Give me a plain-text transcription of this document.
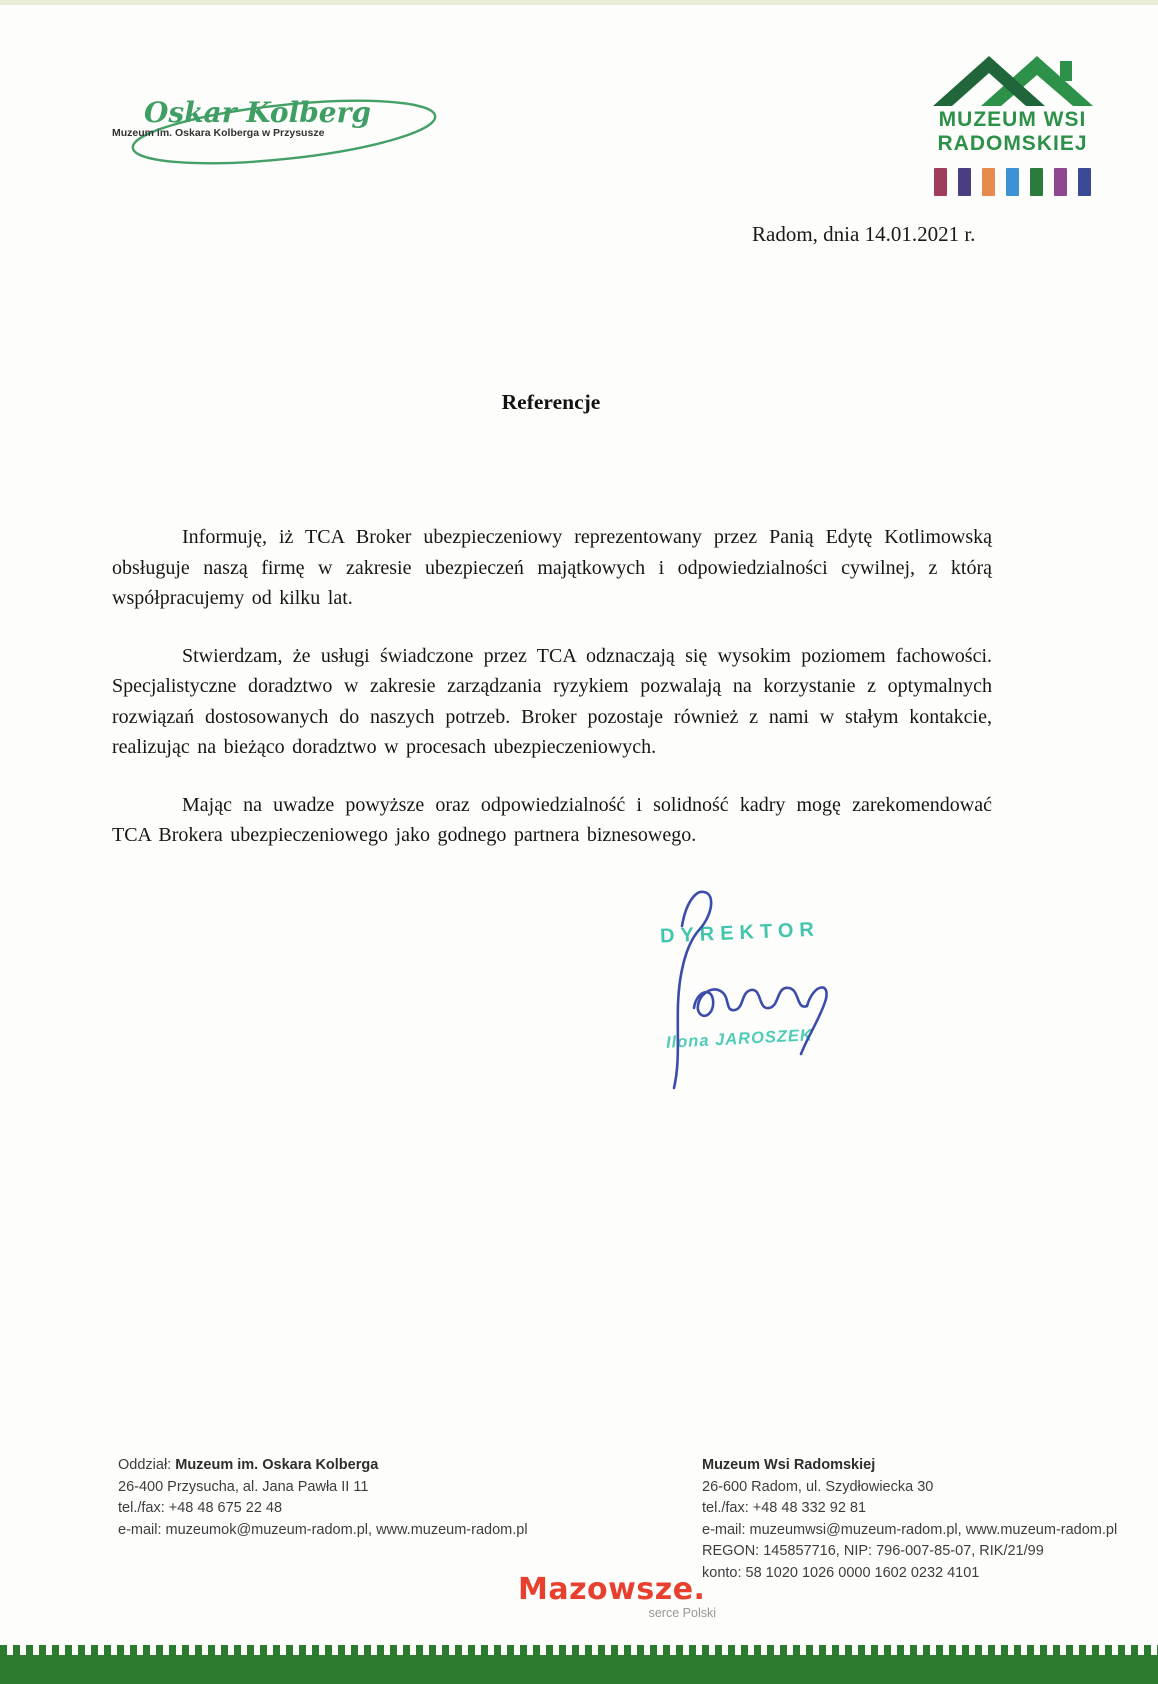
Oskar Kolberg
Muzeum im. Oskara Kolberga w Przysusze
MUZEUM WSI
RADOMSKIEJ
Radom, dnia 14.01.2021 r.
Referencje

Informuję, iż TCA Broker ubezpieczeniowy reprezentowany przez Panią Edytę Kotlimowską obsługuje naszą firmę w zakresie ubezpieczeń majątkowych i odpowiedzialności cywilnej, z którą współpracujemy od kilku lat.

Stwierdzam, że usługi świadczone przez TCA odznaczają się wysokim poziomem fachowości. Specjalistyczne doradztwo w zakresie zarządzania ryzykiem pozwalają na korzystanie z optymalnych rozwiązań dostosowanych do naszych potrzeb. Broker pozostaje również z nami w stałym kontakcie, realizując na bieżąco doradztwo w procesach ubezpieczeniowych.

Mając na uwadze powyższe oraz odpowiedzialność i solidność kadry mogę zarekomendować TCA Brokera ubezpieczeniowego jako godnego partnera biznesowego.

DYREKTOR
Ilona JAROSZEK
Oddział: Muzeum im. Oskara Kolberga
26-400 Przysucha, al. Jana Pawła II 11
tel./fax: +48 48 675 22 48
e-mail: muzeumok@muzeum-radom.pl, www.muzeum-radom.pl
Muzeum Wsi Radomskiej
26-600 Radom, ul. Szydłowiecka 30
tel./fax: +48 48 332 92 81
e-mail: muzeumwsi@muzeum-radom.pl, www.muzeum-radom.pl
REGON: 145857716, NIP: 796-007-85-07, RIK/21/99
konto: 58 1020 1026 0000 1602 0232 4101
Mazowsze.
serce Polski
